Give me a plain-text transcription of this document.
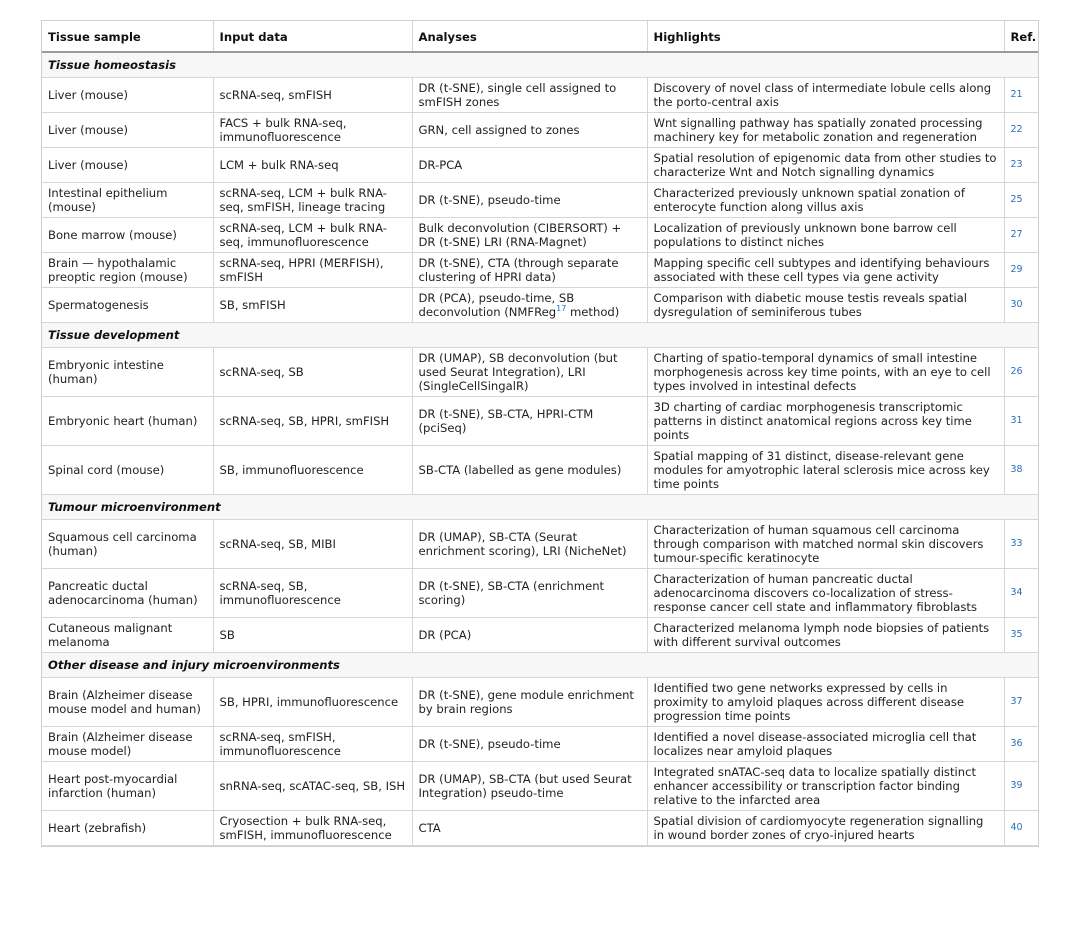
Tissue sample	Input data	Analyses	Highlights	Ref.
Tissue homeostasis				
Liver (mouse)	scRNA-seq, smFISH	DR (t-SNE), single cell assigned to smFISH zones	Discovery of novel class of intermediate lobule cells along the porto-central axis	21
Liver (mouse)	FACS + bulk RNA-seq, immunofluorescence	GRN, cell assigned to zones	Wnt signalling pathway has spatially zonated processing machinery key for metabolic zonation and regeneration	22
Liver (mouse)	LCM + bulk RNA-seq	DR-PCA	Spatial resolution of epigenomic data from other studies to characterize Wnt and Notch signalling dynamics	23
Intestinal epithelium (mouse)	scRNA-seq, LCM + bulk RNA-seq, smFISH, lineage tracing	DR (t-SNE), pseudo-time	Characterized previously unknown spatial zonation of enterocyte function along villus axis	25
Bone marrow (mouse)	scRNA-seq, LCM + bulk RNA-seq, immunofluorescence	Bulk deconvolution (CIBERSORT) + DR (t-SNE) LRI (RNA-Magnet)	Localization of previously unknown bone barrow cell populations to distinct niches	27
Brain — hypothalamic preoptic region (mouse)	scRNA-seq, HPRI (MERFISH), smFISH	DR (t-SNE), CTA (through separate clustering of HPRI data)	Mapping specific cell subtypes and identifying behaviours associated with these cell types via gene activity	29
Spermatogenesis	SB, smFISH	DR (PCA), pseudo-time, SB deconvolution (NMFReg$^{17}$ method)	Comparison with diabetic mouse testis reveals spatial dysregulation of seminiferous tubes	30
Tissue development				
Embryonic intestine (human)	scRNA-seq, SB	DR (UMAP), SB deconvolution (but used Seurat Integration), LRI (SingleCellSingalR)	Charting of spatio-temporal dynamics of small intestine morphogenesis across key time points, with an eye to cell types involved in intestinal defects	26
Embryonic heart (human)	scRNA-seq, SB, HPRI, smFISH	DR (t-SNE), SB-CTA, HPRI-CTM (pciSeq)	3D charting of cardiac morphogenesis transcriptomic patterns in distinct anatomical regions across key time points	31
Spinal cord (mouse)	SB, immunofluorescence	SB-CTA (labelled as gene modules)	Spatial mapping of 31 distinct, disease-relevant gene modules for amyotrophic lateral sclerosis mice across key time points	38
Tumour microenvironment				
Squamous cell carcinoma (human)	scRNA-seq, SB, MIBI	DR (UMAP), SB-CTA (Seurat enrichment scoring), LRI (NicheNet)	Characterization of human squamous cell carcinoma through comparison with matched normal skin discovers tumour-specific keratinocyte	33
Pancreatic ductal adenocarcinoma (human)	scRNA-seq, SB, immunofluorescence	DR (t-SNE), SB-CTA (enrichment scoring)	Characterization of human pancreatic ductal adenocarcinoma discovers co-localization of stress-response cancer cell state and inflammatory fibroblasts	34
Cutaneous malignant melanoma	SB	DR (PCA)	Characterized melanoma lymph node biopsies of patients with different survival outcomes	35
Other disease and injury microenvironments				
Brain (Alzheimer disease mouse model and human)	SB, HPRI, immunofluorescence	DR (t-SNE), gene module enrichment by brain regions	Identified two gene networks expressed by cells in proximity to amyloid plaques across different disease progression time points	37
Brain (Alzheimer disease mouse model)	scRNA-seq, smFISH, immunofluorescence	DR (t-SNE), pseudo-time	Identified a novel disease-associated microglia cell that localizes near amyloid plaques	36
Heart post-myocardial infarction (human)	snRNA-seq, scATAC-seq, SB, ISH	DR (UMAP), SB-CTA (but used Seurat Integration) pseudo-time	Integrated snATAC-seq data to localize spatially distinct enhancer accessibility or transcription factor binding relative to the infarcted area	39
Heart (zebrafish)	Cryosection + bulk RNA-seq, smFISH, immunofluorescence	CTA	Spatial division of cardiomyocyte regeneration signalling in wound border zones of cryo-injured hearts	40
